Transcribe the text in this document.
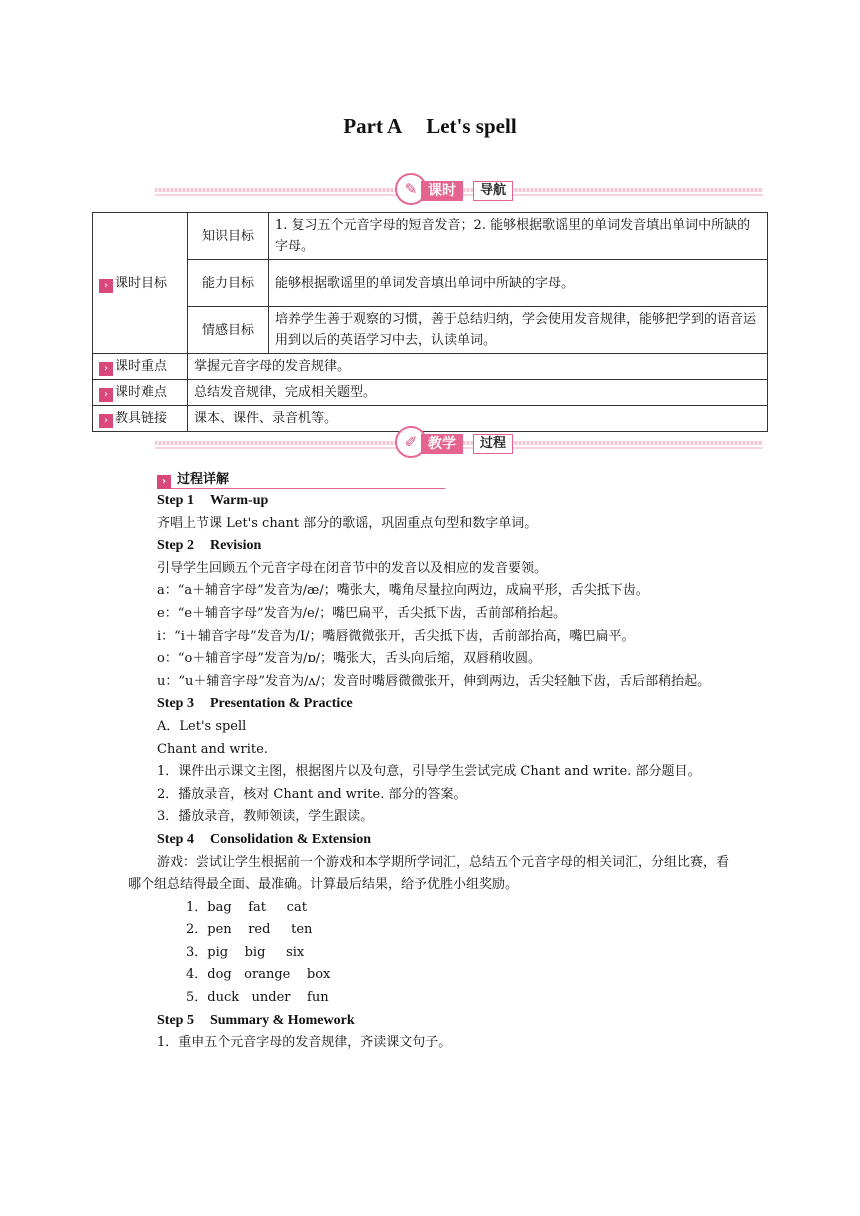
Part A Let's spell
✎ 课时	导航
› 课时目标	知识目标	1. 复习五个元音字母的短音发音；2. 能够根据歌谣里的单词发音填出单词中所缺的字母。
	能力目标	能够根据歌谣里的单词发音填出单词中所缺的字母。
	情感目标	培养学生善于观察的习惯，善于总结归纳，学会使用发音规律，能够把学到的语音运用到以后的英语学习中去，认读单词。
› 课时重点	掌握元音字母的发音规律。	
› 课时难点	总结发音规律，完成相关题型。	
› 教具链接	课本、课件、录音机等。	
✐ 教学	过程
› 过程详解

Step 1 Warm-up

齐唱上节课 Let's chant 部分的歌谣，巩固重点句型和数字单词。

Step 2 Revision

引导学生回顾五个元音字母在闭音节中的发音以及相应的发音要领。

a：“a＋辅音字母”发音为/æ/；嘴张大，嘴角尽量拉向两边，成扁平形，舌尖抵下齿。

e：“e＋辅音字母”发音为/e/；嘴巴扁平，舌尖抵下齿，舌前部稍抬起。

i：“i＋辅音字母”发音为/I/；嘴唇微微张开，舌尖抵下齿，舌前部抬高，嘴巴扁平。

o：“o＋辅音字母”发音为/ɒ/；嘴张大，舌头向后缩，双唇稍收圆。

u：“u＋辅音字母”发音为/ʌ/；发音时嘴唇微微张开，伸到两边，舌尖轻触下齿，舌后部稍抬起。

Step 3 Presentation & Practice

A．Let's spell

Chant and write.

1．课件出示课文主图，根据图片以及句意，引导学生尝试完成 Chant and write. 部分题目。

2．播放录音，核对 Chant and write. 部分的答案。

3．播放录音，教师领读，学生跟读。

Step 4 Consolidation & Extension

游戏：尝试让学生根据前一个游戏和本学期所学词汇，总结五个元音字母的相关词汇，分组比赛，看哪个组总结得最全面、最准确。计算最后结果，给予优胜小组奖励。

1．bag fat cat

2．pen red ten

3．pig big six

4．dog orange box

5．duck under fun

Step 5 Summary & Homework

1．重申五个元音字母的发音规律，齐读课文句子。
